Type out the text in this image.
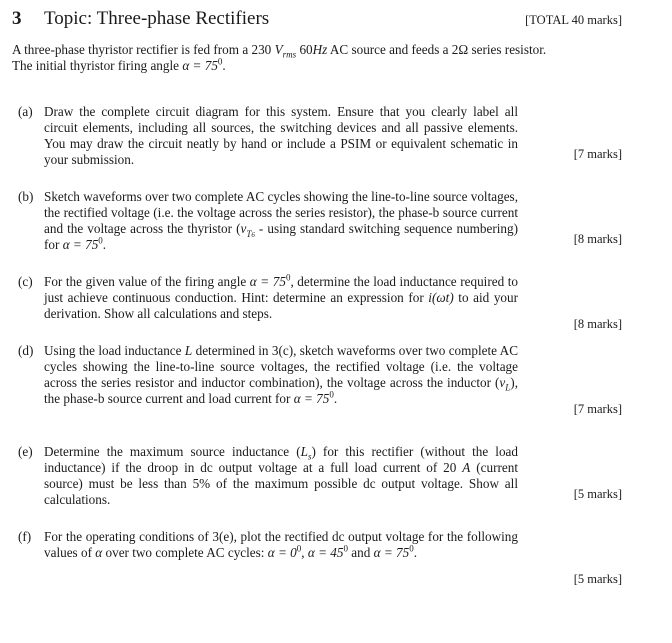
3 Topic: Three-phase Rectifiers	[TOTAL 40 marks]
A three-phase thyristor rectifier is fed from a 230 $V_{rms}$ 60Hz AC source and feeds a 2Ω series resistor.
The initial thyristor firing angle $\alpha = 75^0$.
(a) Draw the complete circuit diagram for this system. Ensure that you clearly label all circuit elements, including all sources, the switching devices and all passive elements. You may draw the circuit neatly by hand or include a PSIM or equivalent schematic in your submission.	[7 marks]
(b) Sketch waveforms over two complete AC cycles showing the line-to-line source voltages, the rectified voltage (i.e. the voltage across the series resistor), the phase-b source current and the voltage across the thyristor ($v_{T6}$ - using standard switching sequence numbering) for $\alpha = 75^0$.	[8 marks]
(c) For the given value of the firing angle $\alpha = 75^0$, determine the load inductance required to just achieve continuous conduction. Hint: determine an expression for i(ωt) to aid your derivation. Show all calculations and steps.
[8 marks]
(d) Using the load inductance L determined in 3(c), sketch waveforms over two complete AC cycles showing the line-to-line source voltages, the rectified voltage (i.e. the voltage across the series resistor and inductor combination), the voltage across the inductor $(v_L)$, the phase-b source current and load current for $\alpha = 75^0$.
[7 marks]
(e) Determine the maximum source inductance $(L_s)$ for this rectifier (without the load inductance) if the droop in dc output voltage at a full load current of 20 A (current source) must be less than 5% of the maximum possible dc output voltage. Show all calculations.	[5 marks]
(f) For the operating conditions of 3(e), plot the rectified dc output voltage for the following values of α over two complete AC cycles: $\alpha = 0^0$, $\alpha = 45^0$ and $\alpha = 75^0$.
[5 marks]
